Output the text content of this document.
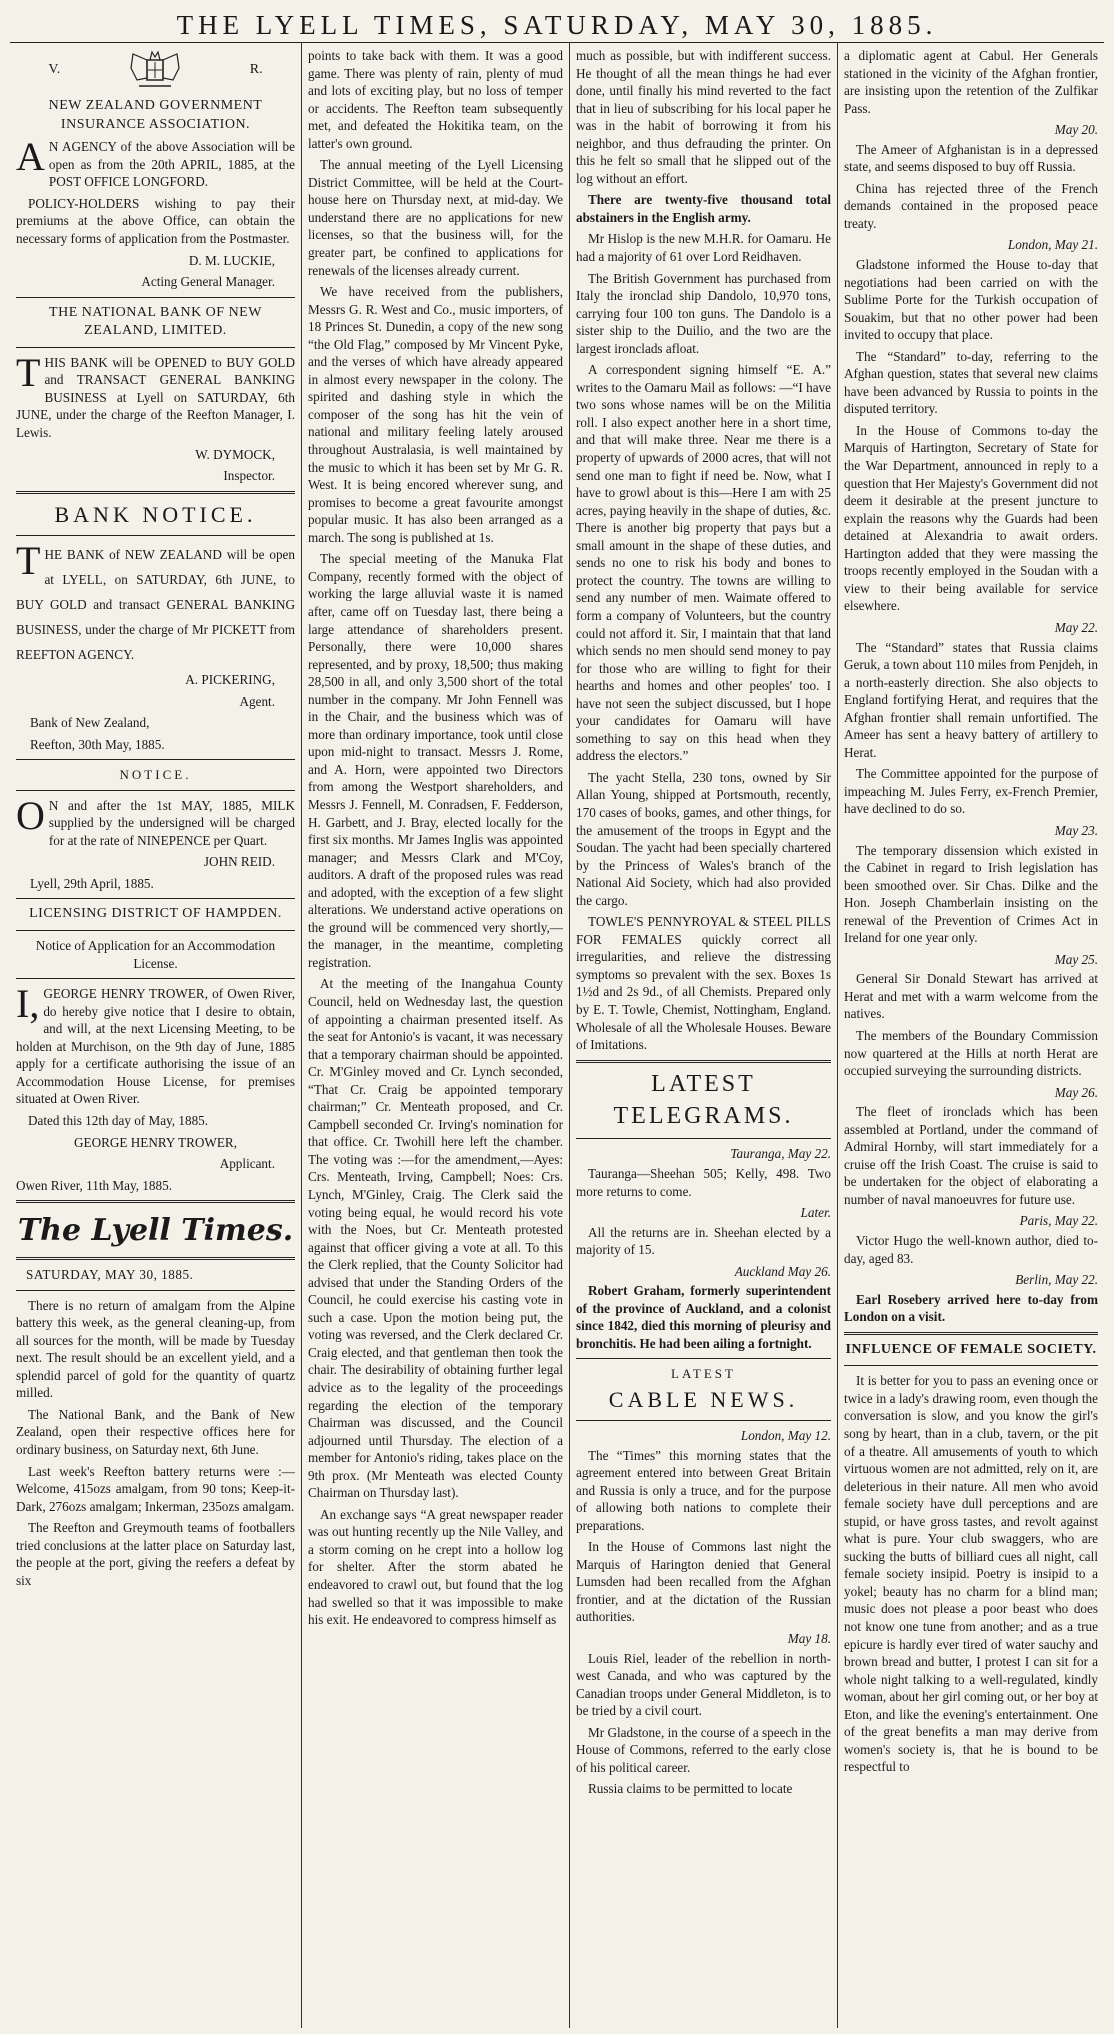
THE LYELL TIMES, SATURDAY, MAY 30, 1885.
V.	R.
NEW ZEALAND GOVERNMENT INSURANCE ASSOCIATION.

A N AGENCY of the above Association will be open as from the 20th APRIL, 1885, at the POST OFFICE LONGFORD.

POLICY-HOLDERS wishing to pay their premiums at the above Office, can obtain the necessary forms of application from the Postmaster.

D. M. LUCKIE,

Acting General Manager.

THE NATIONAL BANK OF NEW ZEALAND, LIMITED.

THIS BANK will be OPENED to BUY GOLD and TRANSACT GENERAL BANKING BUSINESS at Lyell on SATURDAY, 6th JUNE, under the charge of the Reefton Manager, I. Lewis.

W. DYMOCK,

Inspector.

BANK NOTICE.

THE BANK of NEW ZEALAND will be open at LYELL, on SATURDAY, 6th JUNE, to BUY GOLD and transact GENERAL BANKING BUSINESS, under the charge of Mr PICKETT from REEFTON AGENCY.

A. PICKERING,

Agent.

Bank of New Zealand,

Reefton, 30th May, 1885.

NOTICE.

O N and after the 1st MAY, 1885, MILK supplied by the undersigned will be charged for at the rate of NINEPENCE per Quart.

JOHN REID.

Lyell, 29th April, 1885.

LICENSING DISTRICT OF HAMPDEN.

Notice of Application for an Accommodation License.

I, GEORGE HENRY TROWER, of Owen River, do hereby give notice that I desire to obtain, and will, at the next Licensing Meeting, to be holden at Murchison, on the 9th day of June, 1885 apply for a certificate authorising the issue of an Accommodation House License, for premises situated at Owen River.

Dated this 12th day of May, 1885.

GEORGE HENRY TROWER,

Applicant.

Owen River, 11th May, 1885.

The Lyell Times.

SATURDAY, MAY 30, 1885.

There is no return of amalgam from the Alpine battery this week, as the general cleaning-up, from all sources for the month, will be made by Tuesday next. The result should be an excellent yield, and a splendid parcel of gold for the quantity of quartz milled.

The National Bank, and the Bank of New Zealand, open their respective offices here for ordinary business, on Saturday next, 6th June.

Last week's Reefton battery returns were :—Welcome, 415ozs amalgam, from 90 tons; Keep-it-Dark, 276ozs amalgam; Inkerman, 235ozs amalgam.

The Reefton and Greymouth teams of footballers tried conclusions at the latter place on Saturday last, the people at the port, giving the reefers a defeat by six

points to take back with them. It was a good game. There was plenty of rain, plenty of mud and lots of exciting play, but no loss of temper or accidents. The Reefton team subsequently met, and defeated the Hokitika team, on the latter's own ground.

The annual meeting of the Lyell Licensing District Committee, will be held at the Court-house here on Thursday next, at mid-day. We understand there are no applications for new licenses, so that the business will, for the greater part, be confined to applications for renewals of the licenses already current.

We have received from the publishers, Messrs G. R. West and Co., music importers, of 18 Princes St. Dunedin, a copy of the new song “the Old Flag,” composed by Mr Vincent Pyke, and the verses of which have already appeared in almost every newspaper in the colony. The spirited and dashing style in which the composer of the song has hit the vein of national and military feeling lately aroused throughout Australasia, is well maintained by the music to which it has been set by Mr G. R. West. It is being encored wherever sung, and promises to become a great favourite amongst popular music. It has also been arranged as a march. The song is published at 1s.

The special meeting of the Manuka Flat Company, recently formed with the object of working the large alluvial waste it is named after, came off on Tuesday last, there being a large attendance of shareholders present. Personally, there were 10,000 shares represented, and by proxy, 18,500; thus making 28,500 in all, and only 3,500 short of the total number in the company. Mr John Fennell was in the Chair, and the business which was of more than ordinary importance, took until close upon mid-night to transact. Messrs J. Rome, and A. Horn, were appointed two Directors from among the Westport shareholders, and Messrs J. Fennell, M. Conradsen, F. Fedderson, H. Garbett, and J. Bray, elected locally for the first six months. Mr James Inglis was appointed manager; and Messrs Clark and M'Coy, auditors. A draft of the proposed rules was read and adopted, with the exception of a few slight alterations. We understand active operations on the ground will be commenced very shortly,—the manager, in the meantime, completing registration.

At the meeting of the Inangahua County Council, held on Wednesday last, the question of appointing a chairman presented itself. As the seat for Antonio's is vacant, it was necessary that a temporary chairman should be appointed. Cr. M'Ginley moved and Cr. Lynch seconded, “That Cr. Craig be appointed temporary chairman;” Cr. Menteath proposed, and Cr. Campbell seconded Cr. Irving's nomination for that office. Cr. Twohill here left the chamber. The voting was :—for the amendment,—Ayes: Crs. Menteath, Irving, Campbell; Noes: Crs. Lynch, M'Ginley, Craig. The Clerk said the voting being equal, he would record his vote with the Noes, but Cr. Menteath protested against that officer giving a vote at all. To this the Clerk replied, that the County Solicitor had advised that under the Standing Orders of the Council, he could exercise his casting vote in such a case. Upon the motion being put, the voting was reversed, and the Clerk declared Cr. Craig elected, and that gentleman then took the chair. The desirability of obtaining further legal advice as to the legality of the proceedings regarding the election of the temporary Chairman was discussed, and the Council adjourned until Thursday. The election of a member for Antonio's riding, takes place on the 9th prox. (Mr Menteath was elected County Chairman on Thursday last).

An exchange says “A great newspaper reader was out hunting recently up the Nile Valley, and a storm coming on he crept into a hollow log for shelter. After the storm abated he endeavored to crawl out, but found that the log had swelled so that it was impossible to make his exit. He endeavored to compress himself as

much as possible, but with indifferent success. He thought of all the mean things he had ever done, until finally his mind reverted to the fact that in lieu of subscribing for his local paper he was in the habit of borrowing it from his neighbor, and thus defrauding the printer. On this he felt so small that he slipped out of the log without an effort.

There are twenty-five thousand total abstainers in the English army.

Mr Hislop is the new M.H.R. for Oamaru. He had a majority of 61 over Lord Reidhaven.

The British Government has purchased from Italy the ironclad ship Dandolo, 10,970 tons, carrying four 100 ton guns. The Dandolo is a sister ship to the Duilio, and the two are the largest ironclads afloat.

A correspondent signing himself “E. A.” writes to the Oamaru Mail as follows: —“I have two sons whose names will be on the Militia roll. I also expect another here in a short time, and that will make three. Near me there is a property of upwards of 2000 acres, that will not send one man to fight if need be. Now, what I have to growl about is this—Here I am with 25 acres, paying heavily in the shape of duties, &c. There is another big property that pays but a small amount in the shape of these duties, and sends no one to risk his body and bones to protect the country. The towns are willing to send any number of men. Waimate offered to form a company of Volunteers, but the country could not afford it. Sir, I maintain that that land which sends no men should send money to pay for those who are willing to fight for their hearths and homes and other peoples' too. I have not seen the subject discussed, but I hope your candidates for Oamaru will have something to say on this head when they address the electors.”

The yacht Stella, 230 tons, owned by Sir Allan Young, shipped at Portsmouth, recently, 170 cases of books, games, and other things, for the amusement of the troops in Egypt and the Soudan. The yacht had been specially chartered by the Princess of Wales's branch of the National Aid Society, which had also provided the cargo.

TOWLE'S PENNYROYAL & STEEL PILLS FOR FEMALES quickly correct all irregularities, and relieve the distressing symptoms so prevalent with the sex. Boxes 1s 1½d and 2s 9d., of all Chemists. Prepared only by E. T. Towle, Chemist, Nottingham, England. Wholesale of all the Wholesale Houses. Beware of Imitations.

LATEST TELEGRAMS.

Tauranga, May 22.

Tauranga—Sheehan 505; Kelly, 498. Two more returns to come.

Later.

All the returns are in. Sheehan elected by a majority of 15.

Auckland May 26.

Robert Graham, formerly superintendent of the province of Auckland, and a colonist since 1842, died this morning of pleurisy and bronchitis. He had been ailing a fortnight.

LATEST
CABLE NEWS.

London, May 12.

The “Times” this morning states that the agreement entered into between Great Britain and Russia is only a truce, and for the purpose of allowing both nations to complete their preparations.

In the House of Commons last night the Marquis of Harington denied that General Lumsden had been recalled from the Afghan frontier, and at the dictation of the Russian authorities.

May 18.

Louis Riel, leader of the rebellion in north-west Canada, and who was captured by the Canadian troops under General Middleton, is to be tried by a civil court.

Mr Gladstone, in the course of a speech in the House of Commons, referred to the early close of his political career.

Russia claims to be permitted to locate

a diplomatic agent at Cabul. Her Generals stationed in the vicinity of the Afghan frontier, are insisting upon the retention of the Zulfikar Pass.

May 20.

The Ameer of Afghanistan is in a depressed state, and seems disposed to buy off Russia.

China has rejected three of the French demands contained in the proposed peace treaty.

London, May 21.

Gladstone informed the House to-day that negotiations had been carried on with the Sublime Porte for the Turkish occupation of Souakim, but that no other power had been invited to occupy that place.

The “Standard” to-day, referring to the Afghan question, states that several new claims have been advanced by Russia to points in the disputed territory.

In the House of Commons to-day the Marquis of Hartington, Secretary of State for the War Department, announced in reply to a question that Her Majesty's Government did not deem it desirable at the present juncture to explain the reasons why the Guards had been detained at Alexandria to await orders. Hartington added that they were massing the troops recently employed in the Soudan with a view to their being available for service elsewhere.

May 22.

The “Standard” states that Russia claims Geruk, a town about 110 miles from Penjdeh, in a north-easterly direction. She also objects to England fortifying Herat, and requires that the Afghan frontier shall remain unfortified. The Ameer has sent a heavy battery of artillery to Herat.

The Committee appointed for the purpose of impeaching M. Jules Ferry, ex-French Premier, have declined to do so.

May 23.

The temporary dissension which existed in the Cabinet in regard to Irish legislation has been smoothed over. Sir Chas. Dilke and the Hon. Joseph Chamberlain insisting on the renewal of the Prevention of Crimes Act in Ireland for one year only.

May 25.

General Sir Donald Stewart has arrived at Herat and met with a warm welcome from the natives.

The members of the Boundary Commission now quartered at the Hills at north Herat are occupied surveying the surrounding districts.

May 26.

The fleet of ironclads which has been assembled at Portland, under the command of Admiral Hornby, will start immediately for a cruise off the Irish Coast. The cruise is said to be undertaken for the object of elaborating a number of naval manoeuvres for future use.

Paris, May 22.

Victor Hugo the well-known author, died to-day, aged 83.

Berlin, May 22.

Earl Rosebery arrived here to-day from London on a visit.

INFLUENCE OF FEMALE SOCIETY.

It is better for you to pass an evening once or twice in a lady's drawing room, even though the conversation is slow, and you know the girl's song by heart, than in a club, tavern, or the pit of a theatre. All amusements of youth to which virtuous women are not admitted, rely on it, are deleterious in their nature. All men who avoid female society have dull perceptions and are stupid, or have gross tastes, and revolt against what is pure. Your club swaggers, who are sucking the butts of billiard cues all night, call female society insipid. Poetry is insipid to a yokel; beauty has no charm for a blind man; music does not please a poor beast who does not know one tune from another; and as a true epicure is hardly ever tired of water sauchy and brown bread and butter, I protest I can sit for a whole night talking to a well-regulated, kindly woman, about her girl coming out, or her boy at Eton, and like the evening's entertainment. One of the great benefits a man may derive from women's society is, that he is bound to be respectful to
